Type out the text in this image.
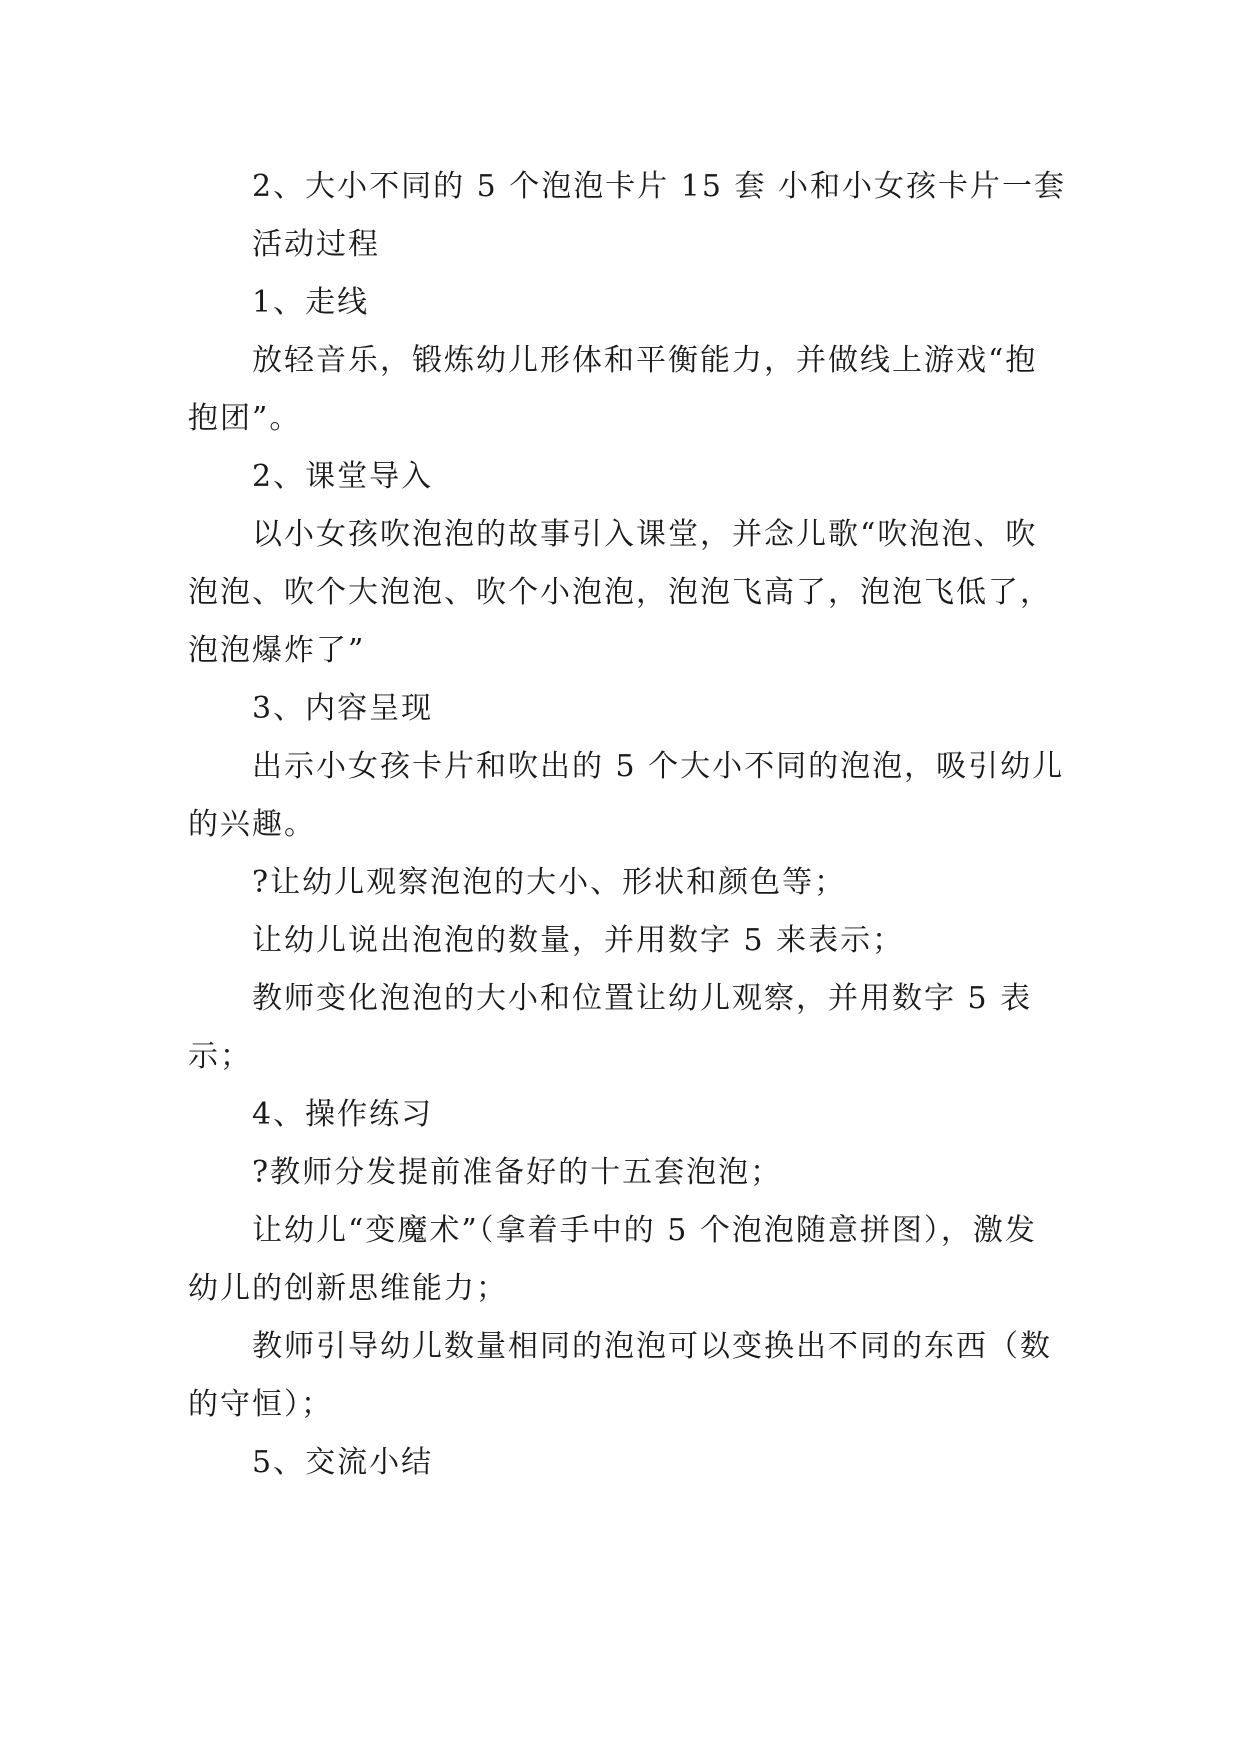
2、大小不同的 5 个泡泡卡片 15 套 小和小女孩卡片一套

活动过程

1、走线

放轻音乐，锻炼幼儿形体和平衡能力，并做线上游戏“抱抱团”。

2、课堂导入

以小女孩吹泡泡的故事引入课堂，并念儿歌“吹泡泡、吹泡泡、吹个大泡泡、吹个小泡泡，泡泡飞高了，泡泡飞低了，泡泡爆炸了”

3、内容呈现

出示小女孩卡片和吹出的 5 个大小不同的泡泡，吸引幼儿的兴趣。

?让幼儿观察泡泡的大小、形状和颜色等；

让幼儿说出泡泡的数量，并用数字 5 来表示；

教师变化泡泡的大小和位置让幼儿观察，并用数字 5 表示；

4、操作练习

?教师分发提前准备好的十五套泡泡；

让幼儿“变魔术”（拿着手中的 5 个泡泡随意拼图），激发幼儿的创新思维能力；

教师引导幼儿数量相同的泡泡可以变换出不同的东西（数的守恒）；

5、交流小结
